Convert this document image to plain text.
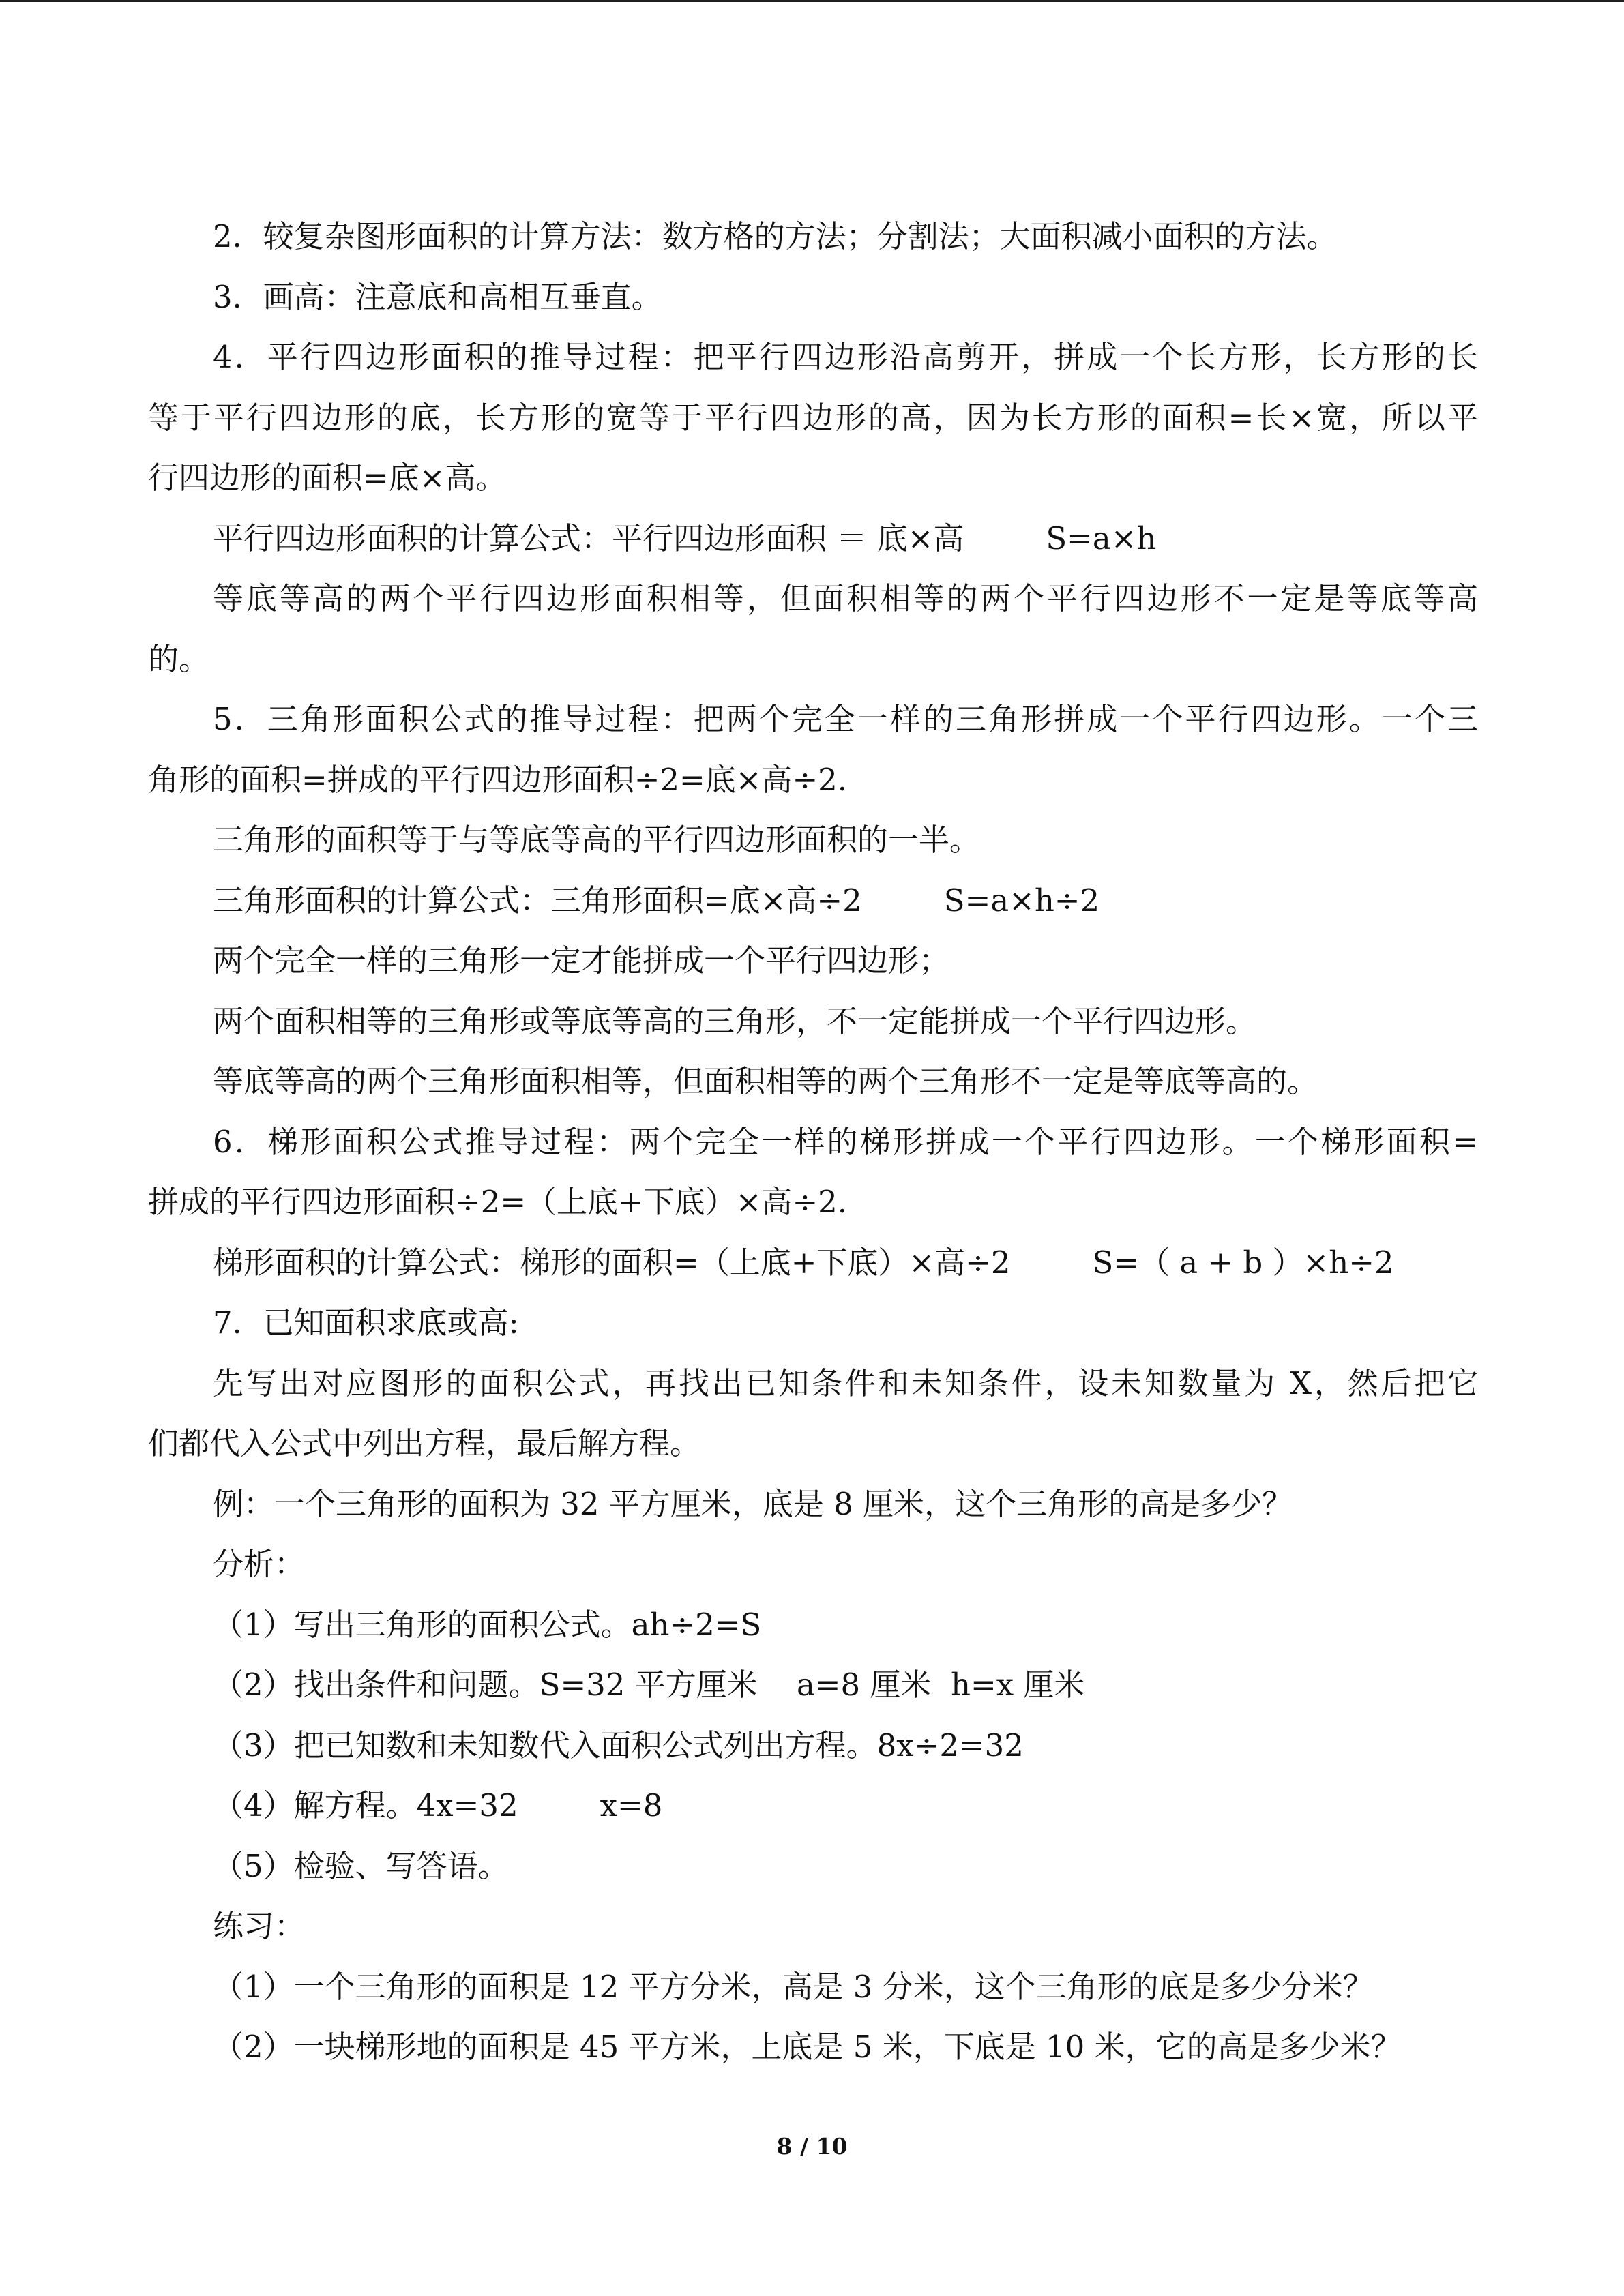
2．较复杂图形面积的计算方法：数方格的方法；分割法；大面积减小面积的方法。
3．画高：注意底和高相互垂直。
4．平行四边形面积的推导过程：把平行四边形沿高剪开，拼成一个长方形，长方形的长
等于平行四边形的底，长方形的宽等于平行四边形的高，因为长方形的面积=长×宽，所以平
行四边形的面积=底×高。
平行四边形面积的计算公式：平行四边形面积 ＝ 底×高	S=a×h
等底等高的两个平行四边形面积相等，但面积相等的两个平行四边形不一定是等底等高
的。
5．三角形面积公式的推导过程：把两个完全一样的三角形拼成一个平行四边形。一个三
角形的面积=拼成的平行四边形面积÷2=底×高÷2.
三角形的面积等于与等底等高的平行四边形面积的一半。
三角形面积的计算公式：三角形面积=底×高÷2	S=a×h÷2
两个完全一样的三角形一定才能拼成一个平行四边形；
两个面积相等的三角形或等底等高的三角形，不一定能拼成一个平行四边形。
等底等高的两个三角形面积相等，但面积相等的两个三角形不一定是等底等高的。
6．梯形面积公式推导过程：两个完全一样的梯形拼成一个平行四边形。一个梯形面积=
拼成的平行四边形面积÷2=（上底+下底）×高÷2.
梯形面积的计算公式：梯形的面积=（上底+下底）×高÷2	S=（ a + b ）×h÷2
7．已知面积求底或高:
先写出对应图形的面积公式，再找出已知条件和未知条件，设未知数量为 X，然后把它
们都代入公式中列出方程，最后解方程。
例：一个三角形的面积为 32 平方厘米，底是 8 厘米，这个三角形的高是多少？
分析：
（1）写出三角形的面积公式。ah÷2=S
（2）找出条件和问题。S=32 平方厘米    a=8 厘米  h=x 厘米
（3）把已知数和未知数代入面积公式列出方程。8x÷2=32
（4）解方程。4x=32	x=8
（5）检验、写答语。
练习：
（1）一个三角形的面积是 12 平方分米，高是 3 分米，这个三角形的底是多少分米？
（2）一块梯形地的面积是 45 平方米，上底是 5 米，下底是 10 米，它的高是多少米？
8 / 10
